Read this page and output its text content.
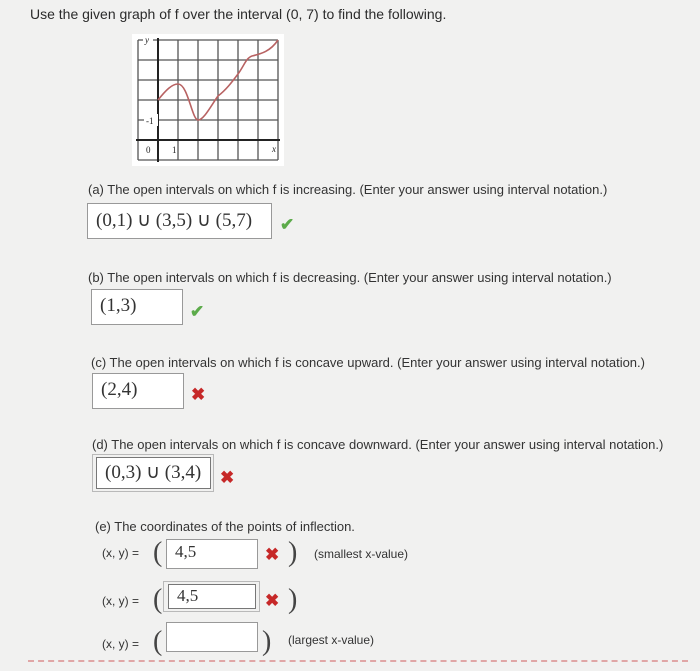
Use the given graph of f over the interval (0, 7) to find the following.
-1
0 1
y
x
(a) The open intervals on which f is increasing. (Enter your answer using interval notation.)
(0,1) ∪ (3,5) ∪ (5,7)	✔
(b) The open intervals on which f is decreasing. (Enter your answer using interval notation.)
(1,3)	✔
(c) The open intervals on which f is concave upward. (Enter your answer using interval notation.)
(2,4)	✖
(d) The open intervals on which f is concave downward. (Enter your answer using interval notation.)
(0,3) ∪ (3,4)	✖
(e) The coordinates of the points of inflection.
(x, y) = ( 4,5	✖ ) (smallest x-value)
(x, y) = ( 4,5	✖ )
(x, y) = (	) (largest x-value)
